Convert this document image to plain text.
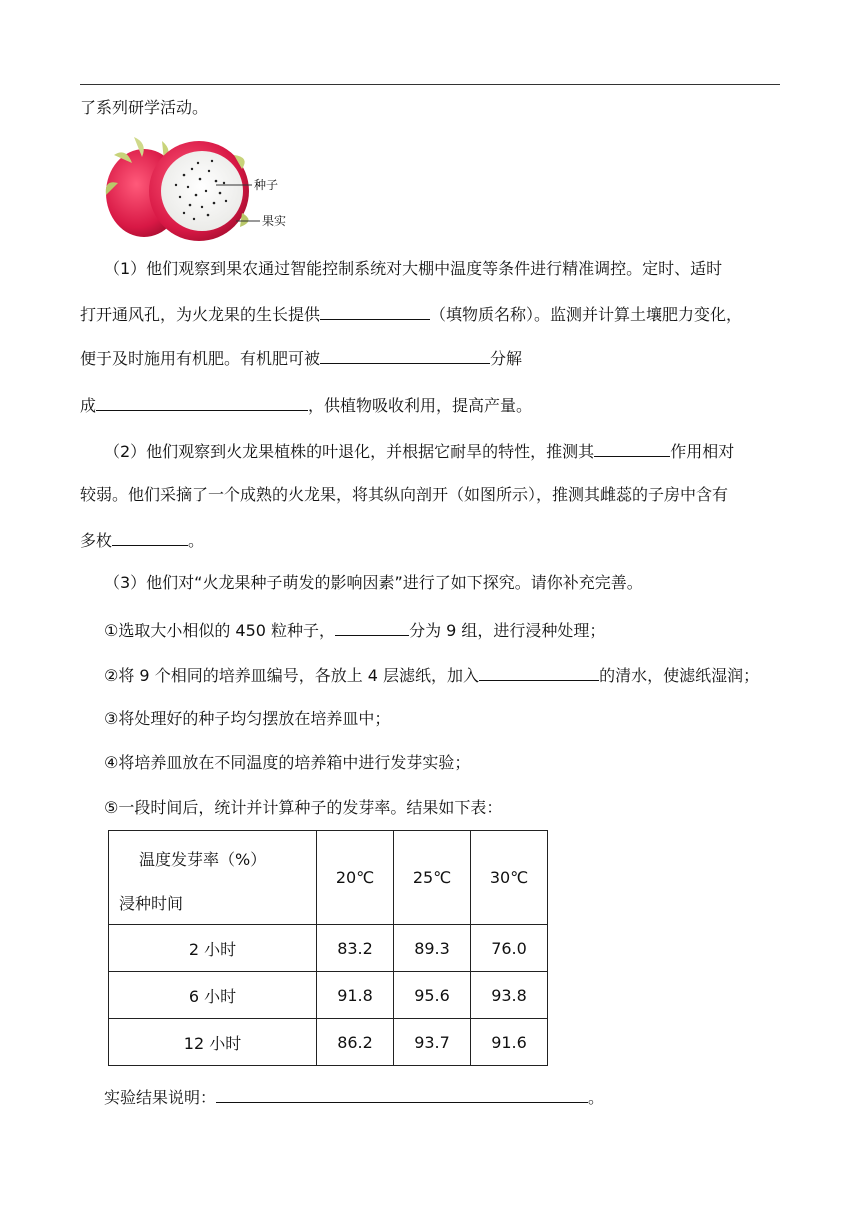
了系列研学活动。
种子
果实
（1）他们观察到果农通过智能控制系统对大棚中温度等条件进行精准调控。定时、适时
打开通风孔，为火龙果的生长提供	（填物质名称）。监测并计算土壤肥力变化，
便于及时施用有机肥。有机肥可被	分解
成	，供植物吸收利用，提高产量。
（2）他们观察到火龙果植株的叶退化，并根据它耐旱的特性，推测其	作用相对
较弱。他们采摘了一个成熟的火龙果，将其纵向剖开（如图所示），推测其雌蕊的子房中含有
多枚	。
（3）他们对“火龙果种子萌发的影响因素”进行了如下探究。请你补充完善。
①选取大小相似的 450 粒种子，	分为 9 组，进行浸种处理；
②将 9 个相同的培养皿编号，各放上 4 层滤纸，加入	的清水，使滤纸湿润；
③将处理好的种子均匀摆放在培养皿中；
④将培养皿放在不同温度的培养箱中进行发芽实验；
⑤一段时间后，统计并计算种子的发芽率。结果如下表：
温度发芽率（%）
浸种时间	20℃	25℃	30℃
2 小时	83.2	89.3	76.0
6 小时	91.8	95.6	93.8
12 小时	86.2	93.7	91.6
实验结果说明：	。
